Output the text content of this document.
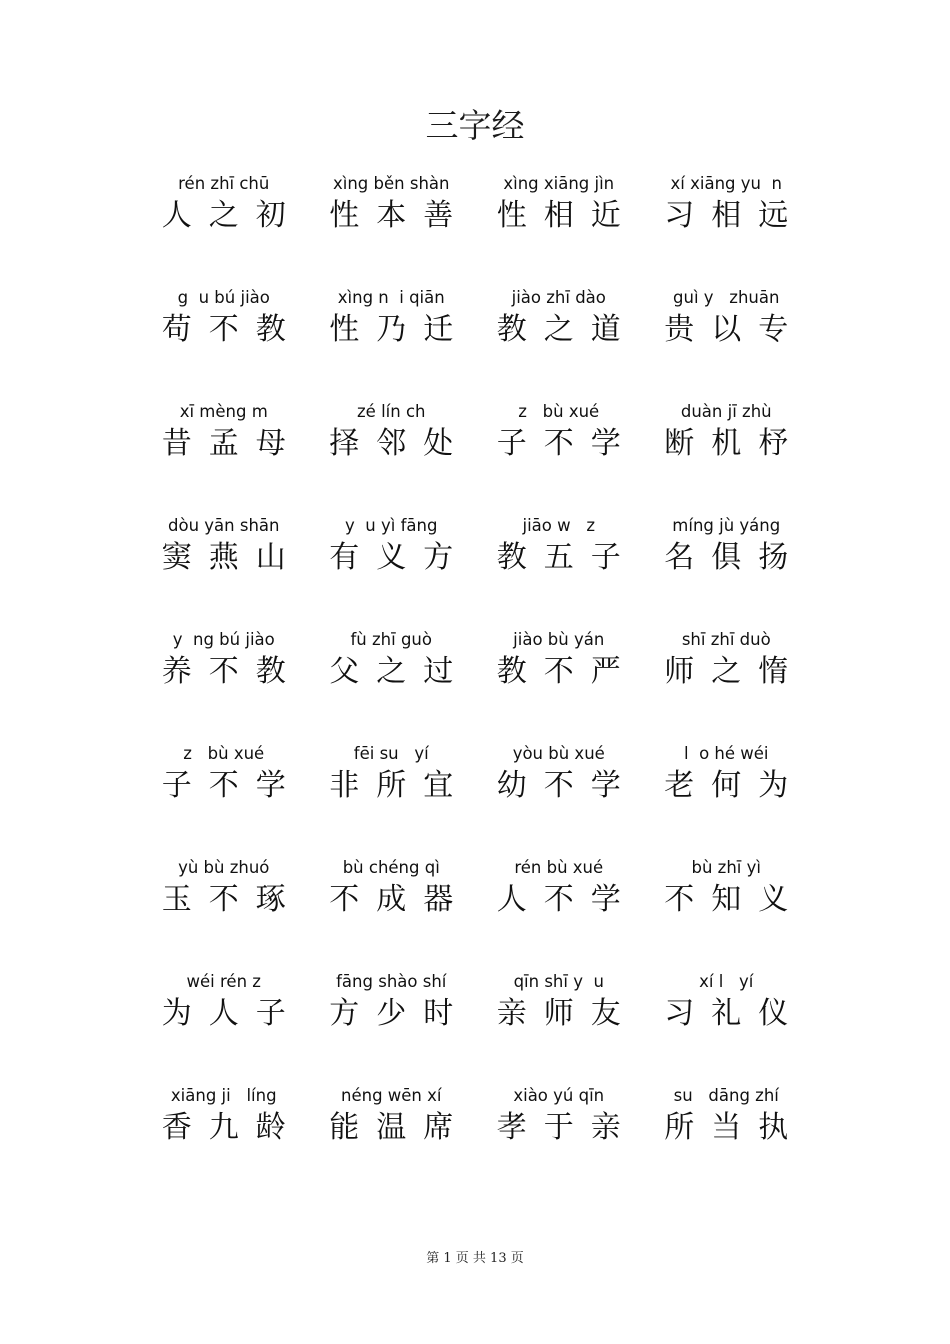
三字经
rén zhī chū
人之初
xìng běn shàn
性本善
xìng xiāng jìn
性相近
xí xiāng yu  n
习相远
g  u bú jiào
苟不教
xìng n  i qiān
性乃迁
jiào zhī dào
教之道
guì y   zhuān
贵以专
xī mèng m
昔孟母
zé lín ch
择邻处
z   bù xué
子不学
duàn jī zhù
断机杼
dòu yān shān
窦燕山
y  u yì fāng
有义方
jiāo w   z
教五子
míng jù yáng
名俱扬
y  ng bú jiào
养不教
fù zhī guò
父之过
jiào bù yán
教不严
shī zhī duò
师之惰
z   bù xué
子不学
fēi su   yí
非所宜
yòu bù xué
幼不学
l  o hé wéi
老何为
yù bù zhuó
玉不琢
bù chéng qì
不成器
rén bù xué
人不学
bù zhī yì
不知义
wéi rén z
为人子
fāng shào shí
方少时
qīn shī y  u
亲师友
xí l   yí
习礼仪
xiāng ji   líng
香九龄
néng wēn xí
能温席
xiào yú qīn
孝于亲
su   dāng zhí
所当执
第 1 页 共 13 页
